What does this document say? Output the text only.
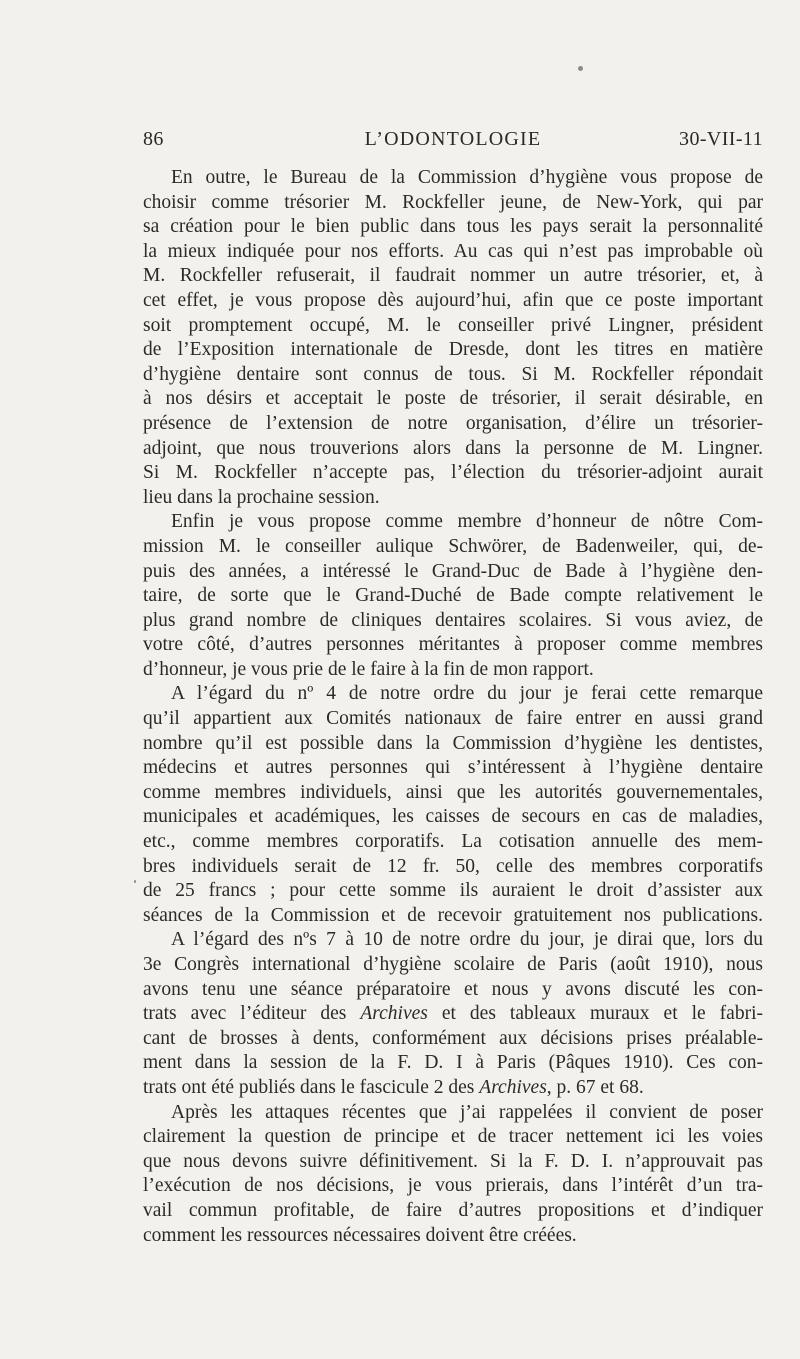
86	L’ODONTOLOGIE	30-VII-11
En outre, le Bureau de la Commission d’hygiène vous propose de
choisir comme trésorier M. Rockfeller jeune, de New-York, qui par
sa création pour le bien public dans tous les pays serait la personnalité
la mieux indiquée pour nos efforts. Au cas qui n’est pas improbable où
M. Rockfeller refuserait, il faudrait nommer un autre trésorier, et, à
cet effet, je vous propose dès aujourd’hui, afin que ce poste important
soit promptement occupé, M. le conseiller privé Lingner, président
de l’Exposition internationale de Dresde, dont les titres en matière
d’hygiène dentaire sont connus de tous. Si M. Rockfeller répondait
à nos désirs et acceptait le poste de trésorier, il serait désirable, en
présence de l’extension de notre organisation, d’élire un trésorier-
adjoint, que nous trouverions alors dans la personne de M. Lingner.
Si M. Rockfeller n’accepte pas, l’élection du trésorier-adjoint aurait
lieu dans la prochaine session.
Enfin je vous propose comme membre d’honneur de nôtre Com-
mission M. le conseiller aulique Schwörer, de Badenweiler, qui, de-
puis des années, a intéressé le Grand-Duc de Bade à l’hygiène den-
taire, de sorte que le Grand-Duché de Bade compte relativement le
plus grand nombre de cliniques dentaires scolaires. Si vous aviez, de
votre côté, d’autres personnes méritantes à proposer comme membres
d’honneur, je vous prie de le faire à la fin de mon rapport.
A l’égard du nº 4 de notre ordre du jour je ferai cette remarque
qu’il appartient aux Comités nationaux de faire entrer en aussi grand
nombre qu’il est possible dans la Commission d’hygiène les dentistes,
médecins et autres personnes qui s’intéressent à l’hygiène dentaire
comme membres individuels, ainsi que les autorités gouvernementales,
municipales et académiques, les caisses de secours en cas de maladies,
etc., comme membres corporatifs. La cotisation annuelle des mem-
bres individuels serait de 12 fr. 50, celle des membres corporatifs
de 25 francs ; pour cette somme ils auraient le droit d’assister aux
séances de la Commission et de recevoir gratuitement nos publications.
A l’égard des nºs 7 à 10 de notre ordre du jour, je dirai que, lors du
3e Congrès international d’hygiène scolaire de Paris (août 1910), nous
avons tenu une séance préparatoire et nous y avons discuté les con-
trats avec l’éditeur des Archives et des tableaux muraux et le fabri-
cant de brosses à dents, conformément aux décisions prises préalable-
ment dans la session de la F. D. I à Paris (Pâques 1910). Ces con-
trats ont été publiés dans le fascicule 2 des Archives, p. 67 et 68.
Après les attaques récentes que j’ai rappelées il convient de poser
clairement la question de principe et de tracer nettement ici les voies
que nous devons suivre définitivement. Si la F. D. I. n’approuvait pas
l’exécution de nos décisions, je vous prierais, dans l’intérêt d’un tra-
vail commun profitable, de faire d’autres propositions et d’indiquer
comment les ressources nécessaires doivent être créées.
